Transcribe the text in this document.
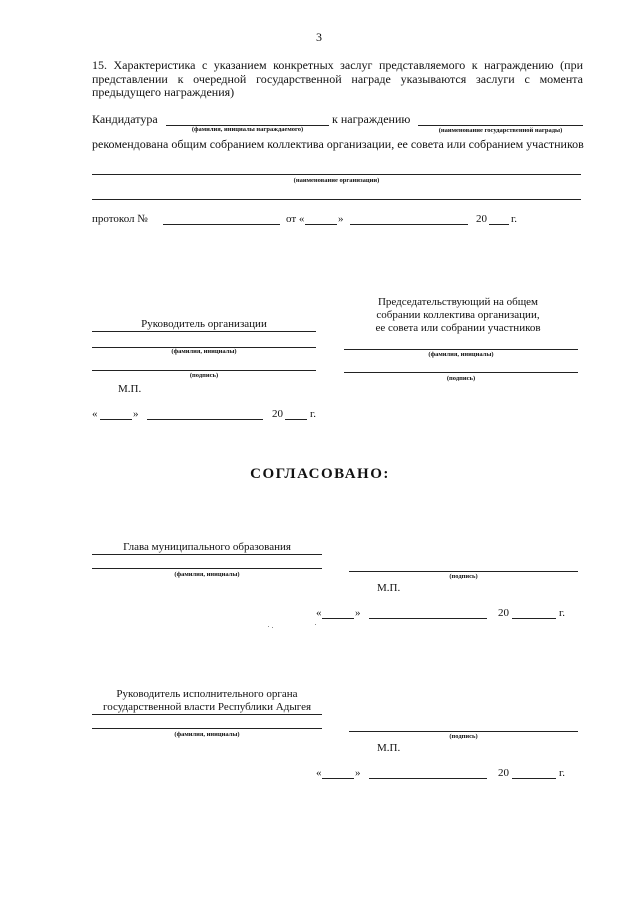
3
15. Характеристика с указанием конкретных заслуг представляемого к награждению (при представлении к очередной государственной награде указываются заслуги с момента предыдущего награждения)
Кандидатура
(фамилия, инициалы награждаемого)
к награждению
(наименование государственной награды)
рекомендована общим собранием коллектива организации, ее совета или собранием участников
(наименование организации)
протокол №	от «	»	20 г.
Председательствующий на общем
собрании коллектива организации,
ее совета или собрании участников
Руководитель организации
(фамилия, инициалы)
(подпись)
(фамилия, инициалы)
(подпись)
М.П.
«	»	20 г.
СОГЛАСОВАНО:
Глава муниципального образования
(фамилия, инициалы)	(подпись)
М.П.
«	»	20	г.
Руководитель исполнительного органа
государственной власти Республики Адыгея
(фамилия, инициалы)	(подпись)
М.П.
«	»	20	г.
